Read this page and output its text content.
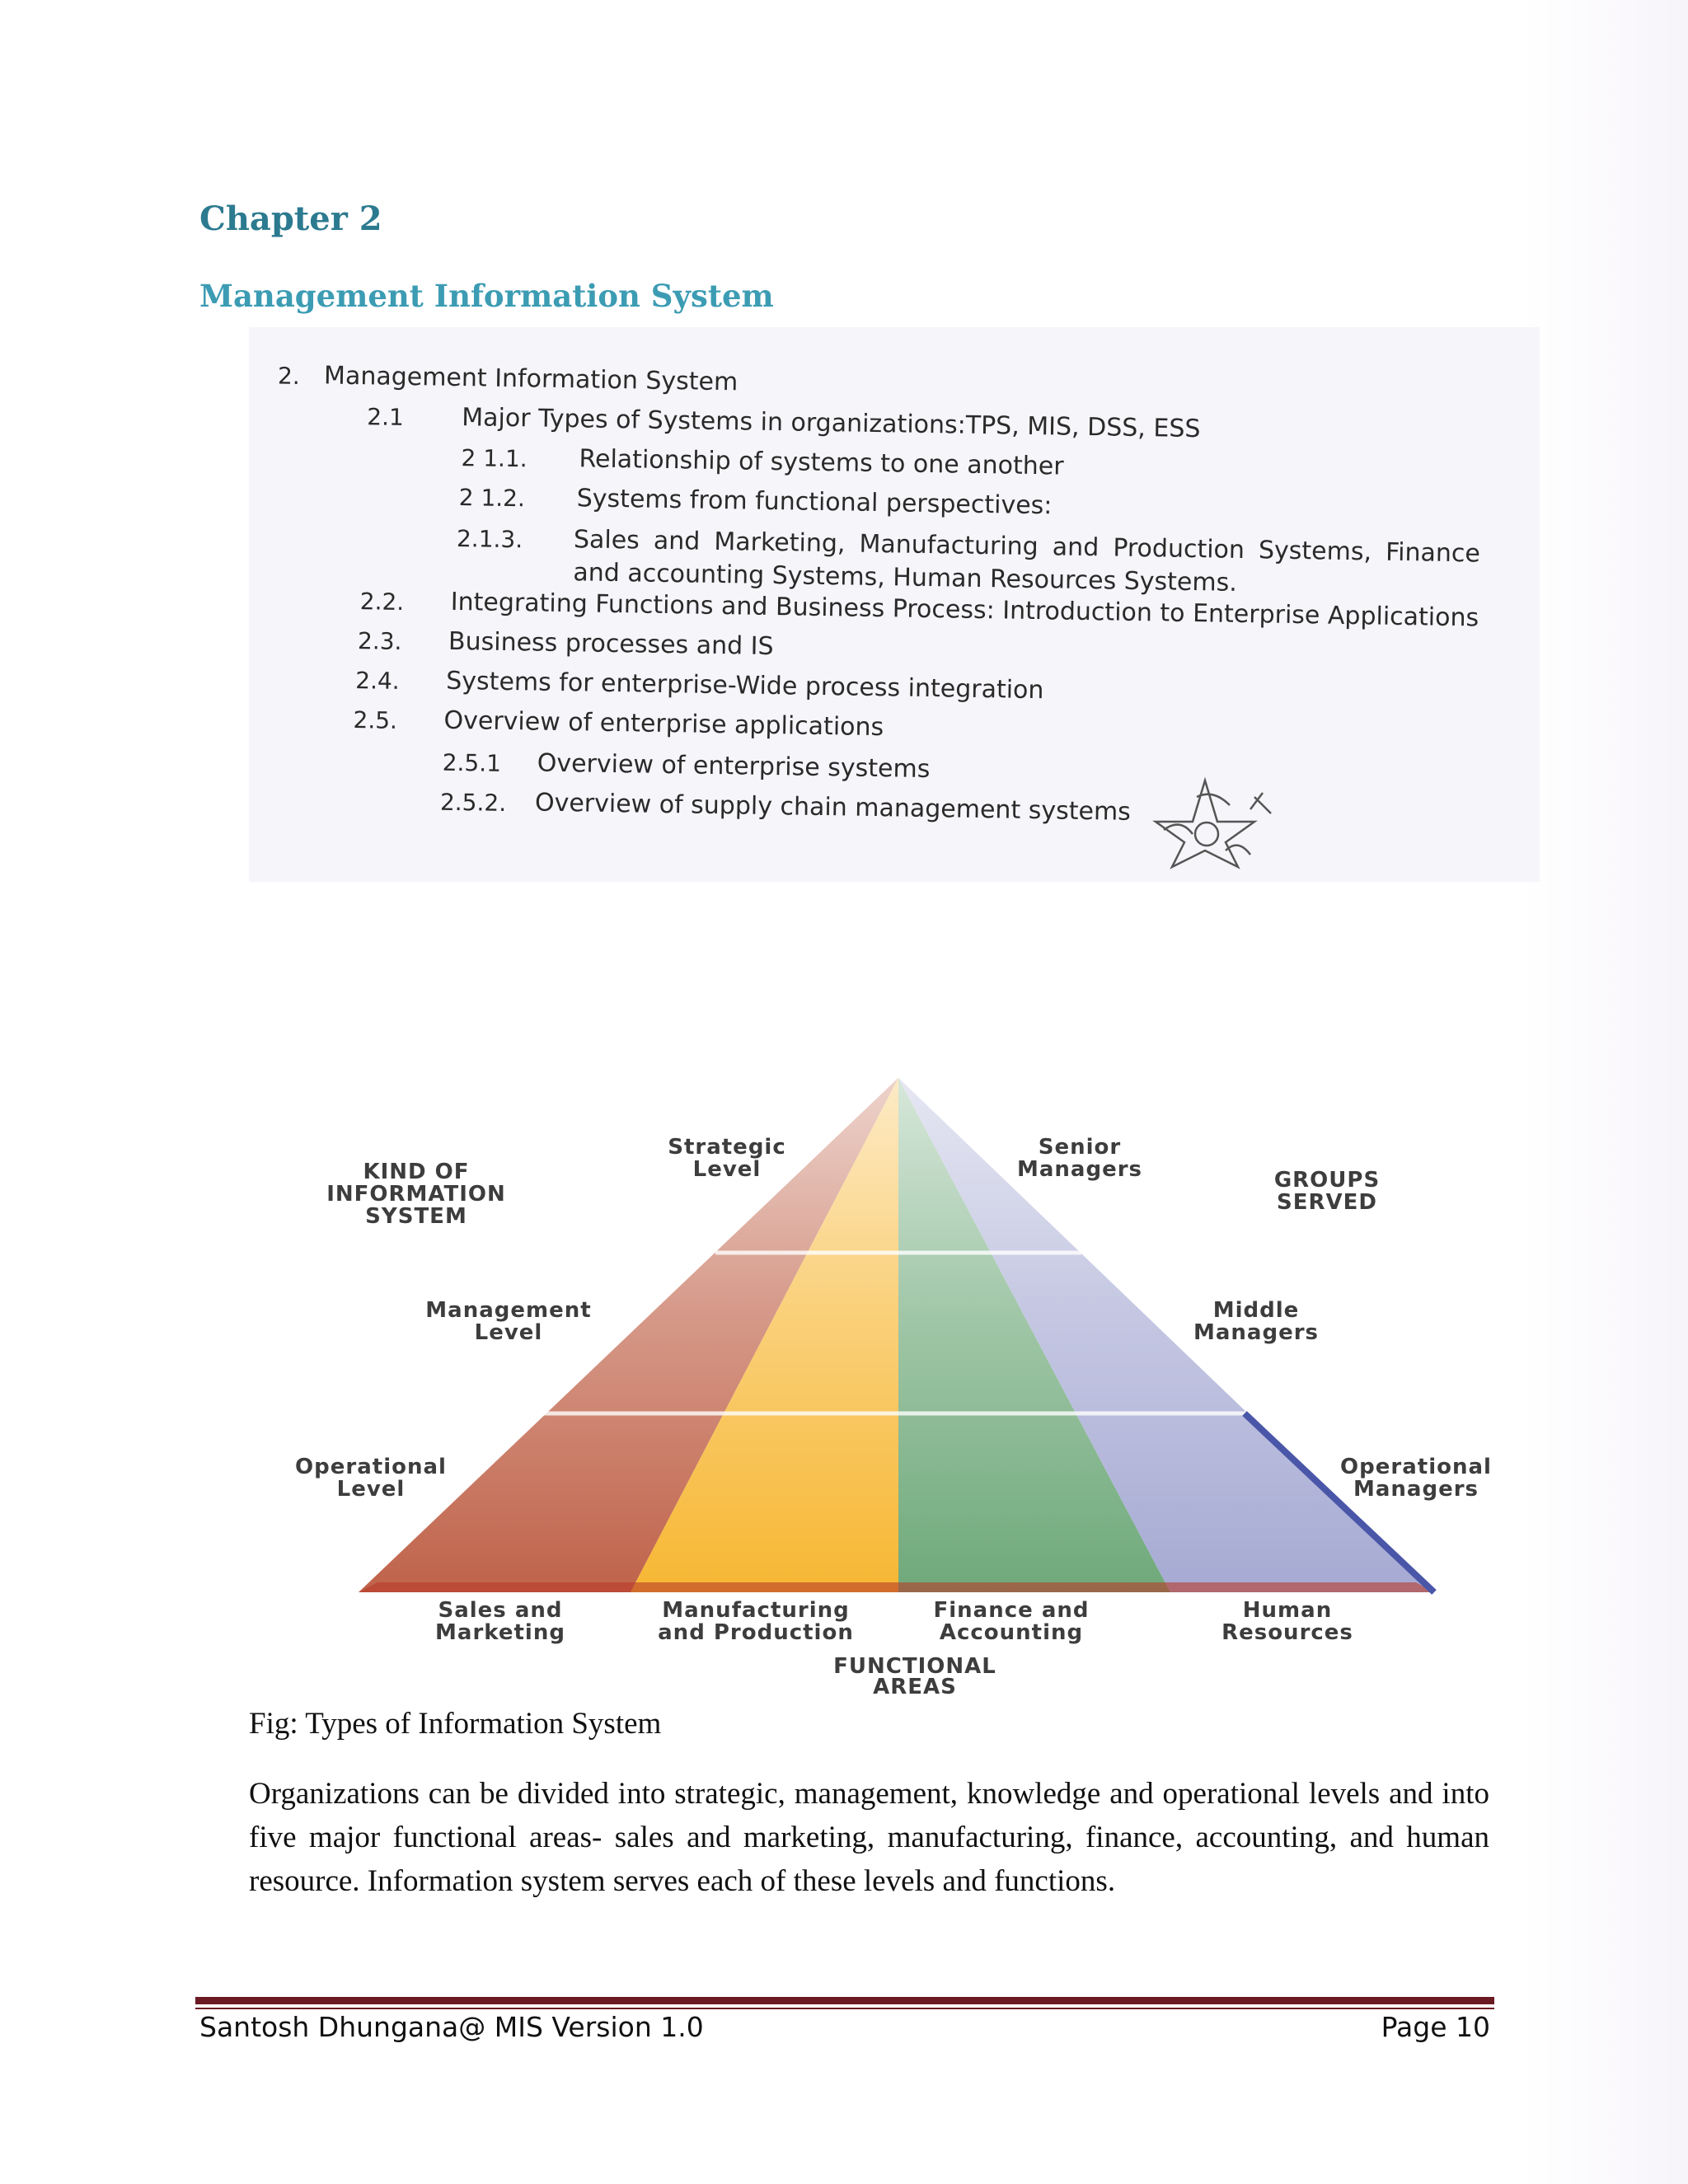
Chapter 2
Management Information System
2. Management Information System
2.1 Major Types of Systems in organizations:TPS, MIS, DSS, ESS
2 1.1. Relationship of systems to one another
2 1.2. Systems from functional perspectives:
2.1.3. Sales and Marketing, Manufacturing and Production Systems, Finance and accounting Systems, Human Resources Systems.
2.2. Integrating Functions and Business Process: Introduction to Enterprise Applications
2.3. Business processes and IS
2.4. Systems for enterprise-Wide process integration
2.5. Overview of enterprise applications
2.5.1 Overview of enterprise systems
2.5.2. Overview of supply chain management systems
KIND OF INFORMATION SYSTEM
GROUPS SERVED
Strategic Level
Senior Managers
Management Level
Middle Managers
Operational Level
Operational Managers
Sales and Marketing
Manufacturing and Production
Finance and Accounting
Human Resources
FUNCTIONAL AREAS
Fig: Types of Information System
Organizations can be divided into strategic, management, knowledge and operational levels and into five major functional areas- sales and marketing, manufacturing, finance, accounting, and human resource. Information system serves each of these levels and functions.
Santosh Dhungana@ MIS Version 1.0	Page 10
